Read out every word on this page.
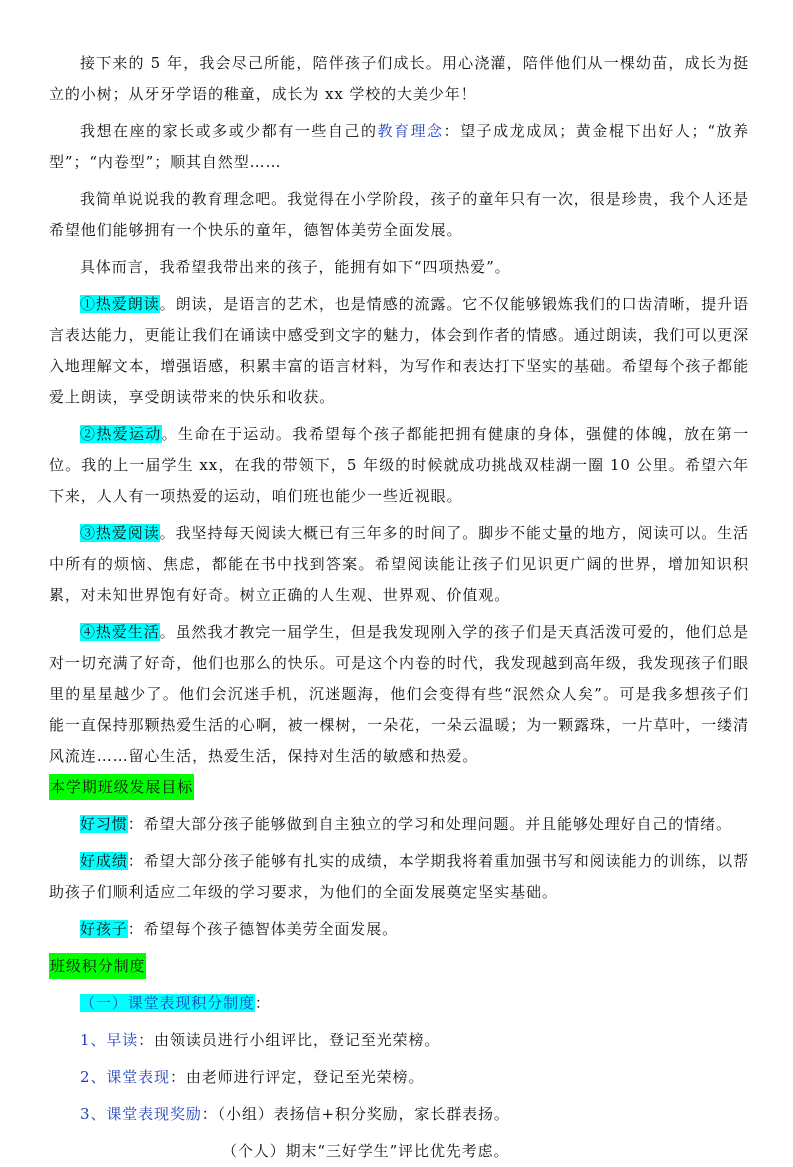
接下来的 5 年，我会尽己所能，陪伴孩子们成长。用心浇灌，陪伴他们从一棵幼苗，成长为挺立的小树；从牙牙学语的稚童，成长为 xx 学校的大美少年！

我想在座的家长或多或少都有一些自己的教育理念：望子成龙成凤；黄金棍下出好人；“放养型”；“内卷型”；顺其自然型……

我简单说说我的教育理念吧。我觉得在小学阶段，孩子的童年只有一次，很是珍贵，我个人还是希望他们能够拥有一个快乐的童年，德智体美劳全面发展。

具体而言，我希望我带出来的孩子，能拥有如下“四项热爱”。

①热爱朗读。朗读，是语言的艺术，也是情感的流露。它不仅能够锻炼我们的口齿清晰，提升语言表达能力，更能让我们在诵读中感受到文字的魅力，体会到作者的情感。通过朗读，我们可以更深入地理解文本，增强语感，积累丰富的语言材料，为写作和表达打下坚实的基础。希望每个孩子都能爱上朗读，享受朗读带来的快乐和收获。

②热爱运动。生命在于运动。我希望每个孩子都能把拥有健康的身体，强健的体魄，放在第一位。我的上一届学生 xx，在我的带领下，5 年级的时候就成功挑战双桂湖一圈 10 公里。希望六年下来，人人有一项热爱的运动，咱们班也能少一些近视眼。

③热爱阅读。我坚持每天阅读大概已有三年多的时间了。脚步不能丈量的地方，阅读可以。生活中所有的烦恼、焦虑，都能在书中找到答案。希望阅读能让孩子们见识更广阔的世界，增加知识积累，对未知世界饱有好奇。树立正确的人生观、世界观、价值观。

④热爱生活。虽然我才教完一届学生，但是我发现刚入学的孩子们是天真活泼可爱的，他们总是对一切充满了好奇，他们也那么的快乐。可是这个内卷的时代，我发现越到高年级，我发现孩子们眼里的星星越少了。他们会沉迷手机，沉迷题海，他们会变得有些“泯然众人矣”。可是我多想孩子们能一直保持那颗热爱生活的心啊，被一棵树，一朵花，一朵云温暖；为一颗露珠，一片草叶，一缕清风流连……留心生活，热爱生活，保持对生活的敏感和热爱。

本学期班级发展目标

好习惯：希望大部分孩子能够做到自主独立的学习和处理问题。并且能够处理好自己的情绪。

好成绩：希望大部分孩子能够有扎实的成绩，本学期我将着重加强书写和阅读能力的训练，以帮助孩子们顺利适应二年级的学习要求，为他们的全面发展奠定坚实基础。

好孩子：希望每个孩子德智体美劳全面发展。

班级积分制度

（一）课堂表现积分制度：

1、早读：由领读员进行小组评比，登记至光荣榜。

2、课堂表现：由老师进行评定，登记至光荣榜。

3、课堂表现奖励：（小组）表扬信+积分奖励，家长群表扬。

（个人）期末“三好学生”评比优先考虑。
